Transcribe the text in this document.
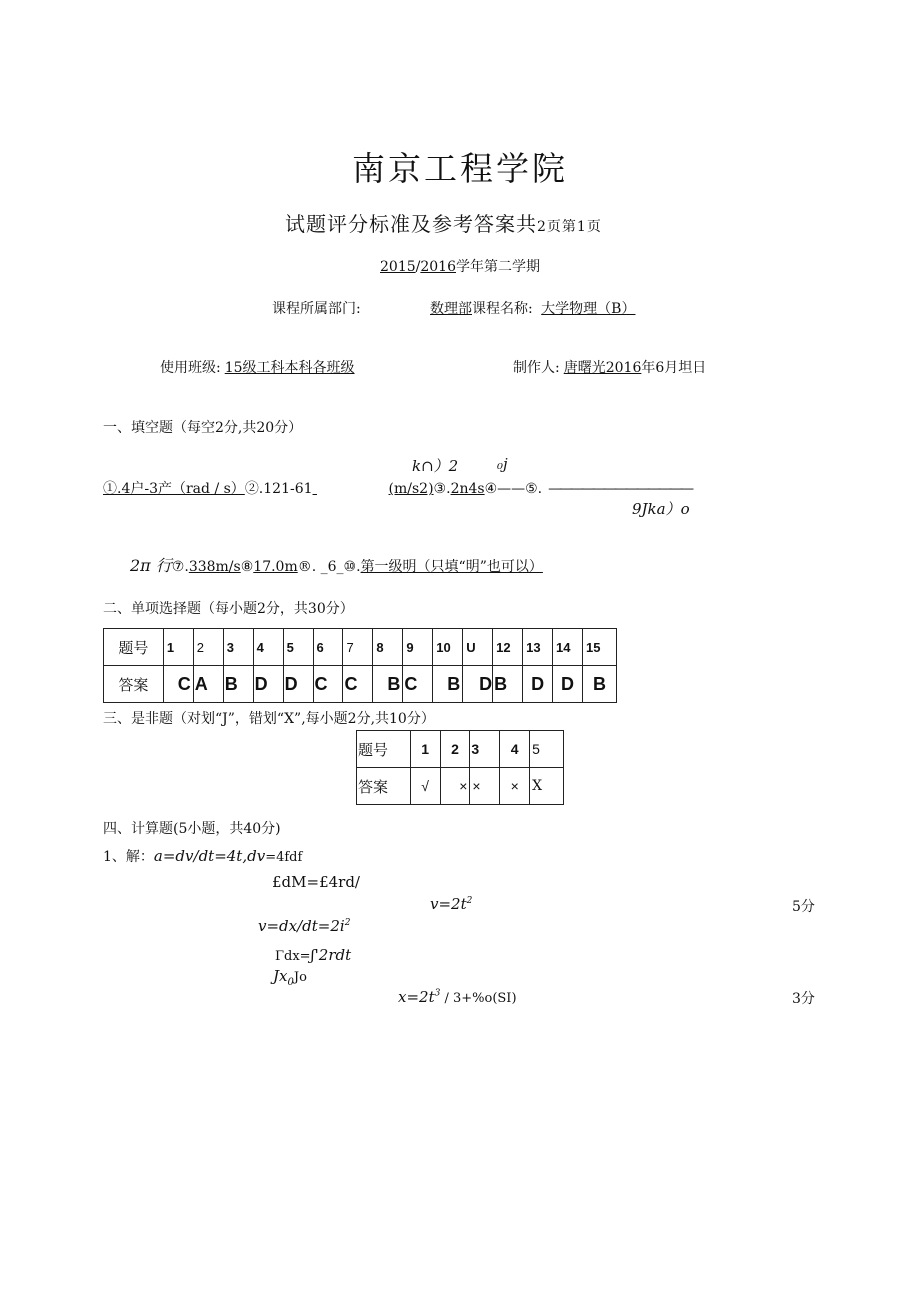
南京工程学院
试题评分标准及参考答案共2页第1页
2015/2016学年第二学期
课程所属部门:	数理部课程名称: 大学物理（B）
使用班级: 15级工科本科各班级	制作人: 唐曙光2016年6月坦日
一、填空题（每空2分,共20分）
k∩）2	₀j
①.4户-3产（rad / s）②.121-61	(m/s2)③.2n4s④——⑤. —————————————
9Jka）o
2π 行⑦.338m/s⑧17.0m®. _6_⑩.第一级明（只填“明”也可以）
二、单项选择题（每小题2分，共30分）
题号	1	2	3	4	5	6	7	8	9	10	U	12	13	14	15
答案	C	A	B	D	D	C	C	B	C	B	D	B	D	D	B
三、是非题（对划“J”，错划“X”,每小题2分,共10分）
题号	1	2	3	4	5
答案	√	×	×	×	X
四、计算题(5小题，共40分)
1、解：a=dv/dt=4t,dv=4fdf
£dM=£4rd/
$v=2t^2$	5分
$v=dx/dt=2i^2$
Γdx=ʃ'2rdt
$Jx_0Jo$
$x=2t^3 / 3+\%o(SI)$	3分
